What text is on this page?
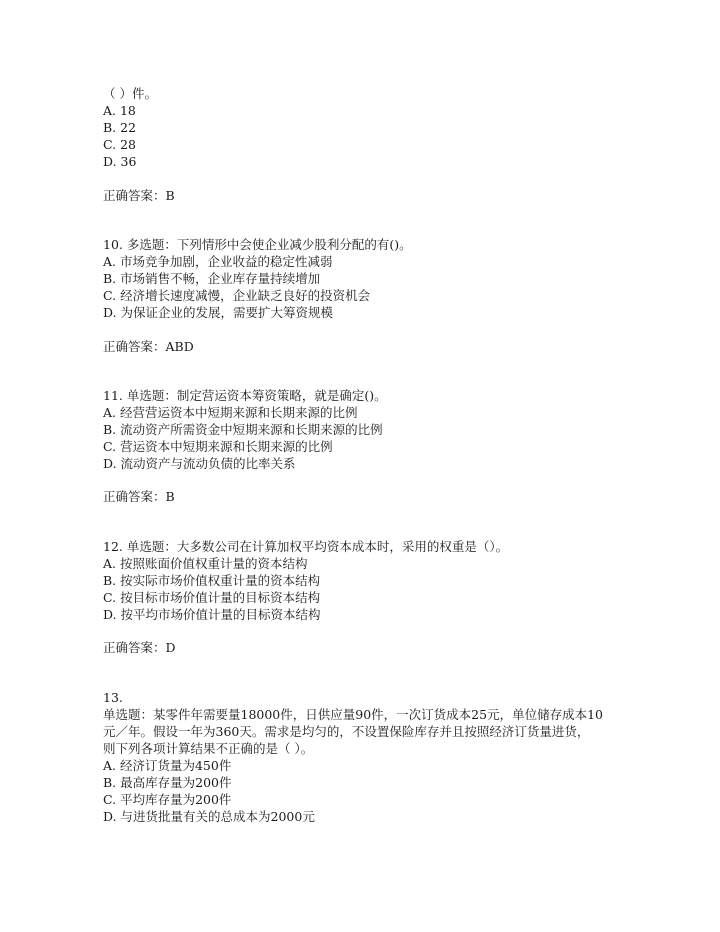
（ ）件。
A. 18
B. 22
C. 28
D. 36
正确答案：B
10. 多选题：下列情形中会使企业减少股利分配的有()。
A. 市场竞争加剧，企业收益的稳定性减弱
B. 市场销售不畅，企业库存量持续增加
C. 经济增长速度减慢，企业缺乏良好的投资机会
D. 为保证企业的发展，需要扩大筹资规模
正确答案：ABD
11. 单选题：制定营运资本筹资策略，就是确定()。
A. 经营营运资本中短期来源和长期来源的比例
B. 流动资产所需资金中短期来源和长期来源的比例
C. 营运资本中短期来源和长期来源的比例
D. 流动资产与流动负债的比率关系
正确答案：B
12. 单选题：大多数公司在计算加权平均资本成本时，采用的权重是（）。
A. 按照账面价值权重计量的资本结构
B. 按实际市场价值权重计量的资本结构
C. 按目标市场价值计量的目标资本结构
D. 按平均市场价值计量的目标资本结构
正确答案：D
13.
单选题：某零件年需要量18000件，日供应量90件，一次订货成本25元，单位储存成本10
元／年。假设一年为360天。需求是均匀的，不设置保险库存并且按照经济订货量进货，
则下列各项计算结果不正确的是（ ）。
A. 经济订货量为450件
B. 最高库存量为200件
C. 平均库存量为200件
D. 与进货批量有关的总成本为2000元
